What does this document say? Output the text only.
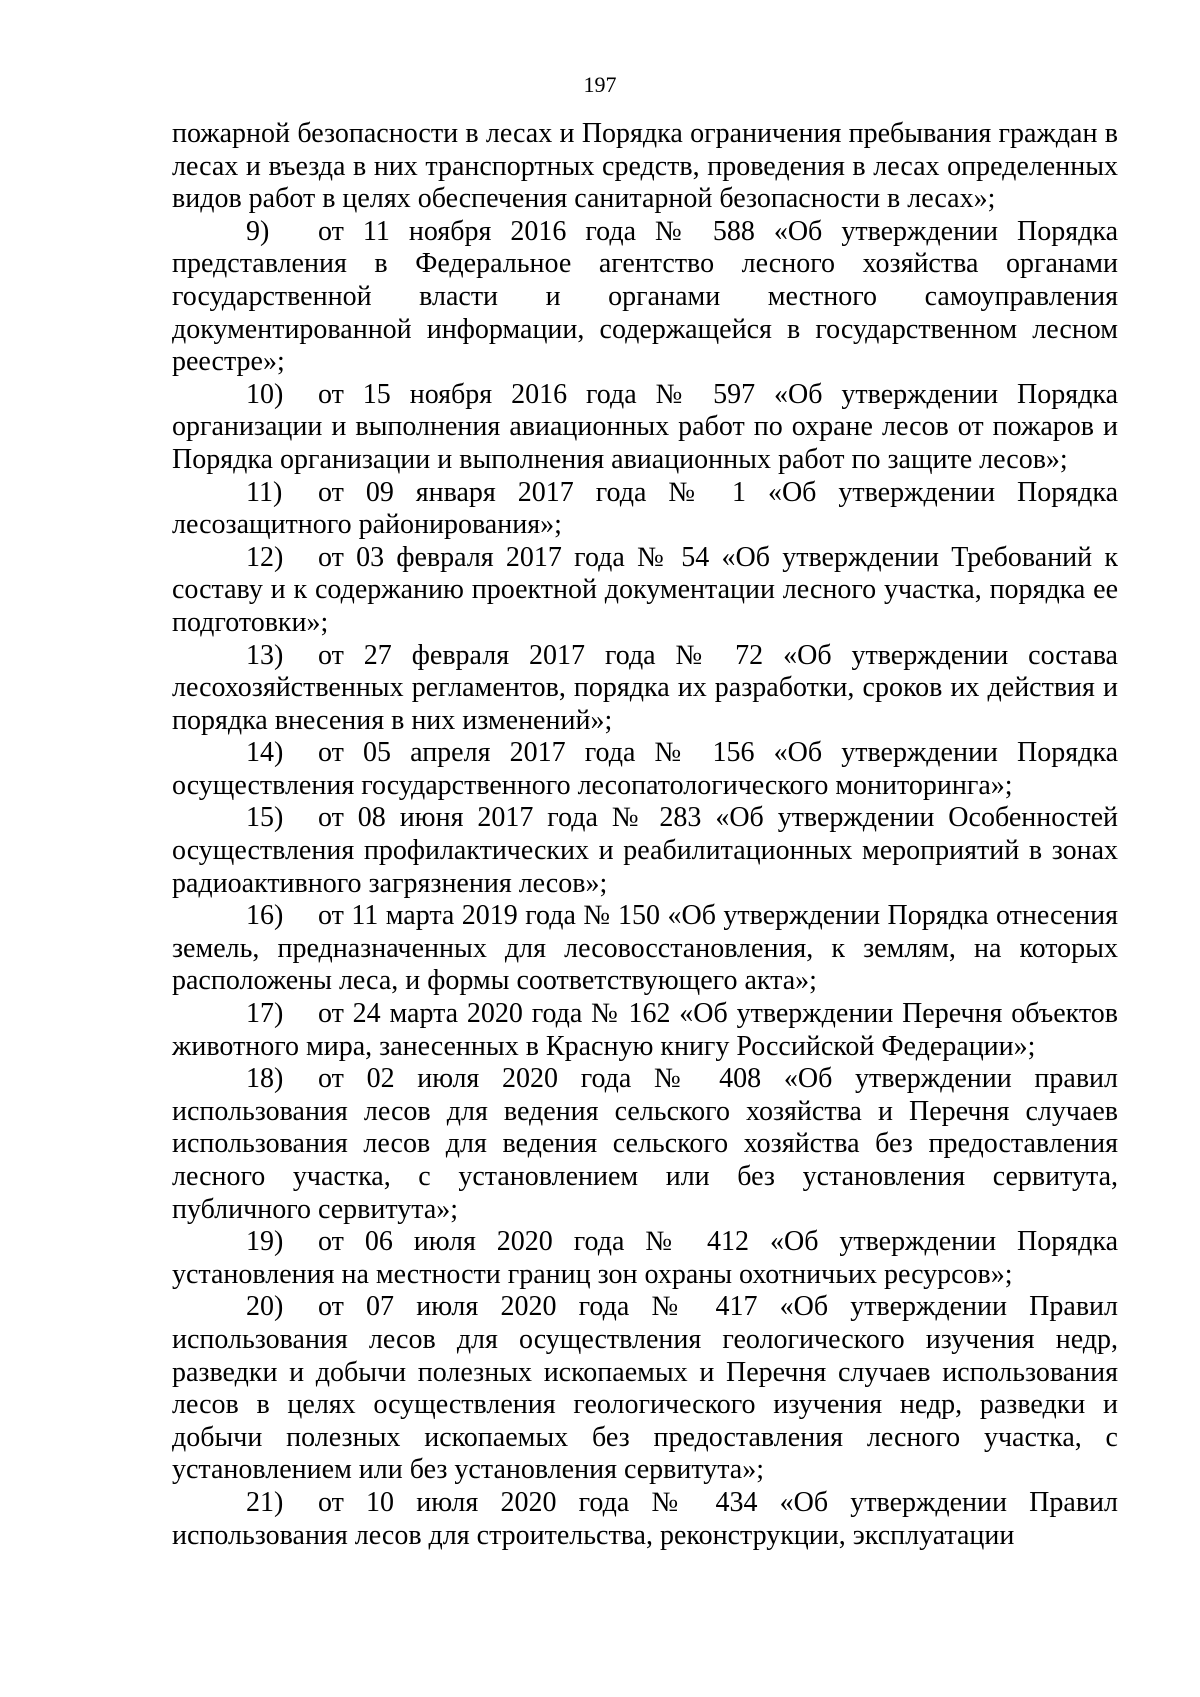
197

пожарной безопасности в лесах и Порядка ограничения пребывания граждан в лесах и въезда в них транспортных средств, проведения в лесах определенных видов работ в целях обеспечения санитарной безопасности в лесах»;

9) от 11 ноября 2016 года № 588 «Об утверждении Порядка представления в Федеральное агентство лесного хозяйства органами государственной власти и органами местного самоуправления документированной информации, содержащейся в государственном лесном реестре»;

10) от 15 ноября 2016 года № 597 «Об утверждении Порядка организации и выполнения авиационных работ по охране лесов от пожаров и Порядка организации и выполнения авиационных работ по защите лесов»;

11) от 09 января 2017 года № 1 «Об утверждении Порядка лесозащитного районирования»;

12) от 03 февраля 2017 года № 54 «Об утверждении Требований к составу и к содержанию проектной документации лесного участка, порядка ее подготовки»;

13) от 27 февраля 2017 года № 72 «Об утверждении состава лесохозяйственных регламентов, порядка их разработки, сроков их действия и порядка внесения в них изменений»;

14) от 05 апреля 2017 года № 156 «Об утверждении Порядка осуществления государственного лесопатологического мониторинга»;

15) от 08 июня 2017 года № 283 «Об утверждении Особенностей осуществления профилактических и реабилитационных мероприятий в зонах радиоактивного загрязнения лесов»;

16) от 11 марта 2019 года № 150 «Об утверждении Порядка отнесения земель, предназначенных для лесовосстановления, к землям, на которых расположены леса, и формы соответствующего акта»;

17) от 24 марта 2020 года № 162 «Об утверждении Перечня объектов животного мира, занесенных в Красную книгу Российской Федерации»;

18) от 02 июля 2020 года № 408 «Об утверждении правил использования лесов для ведения сельского хозяйства и Перечня случаев использования лесов для ведения сельского хозяйства без предоставления лесного участка, с установлением или без установления сервитута, публичного сервитута»;

19) от 06 июля 2020 года № 412 «Об утверждении Порядка установления на местности границ зон охраны охотничьих ресурсов»;

20) от 07 июля 2020 года № 417 «Об утверждении Правил использования лесов для осуществления геологического изучения недр, разведки и добычи полезных ископаемых и Перечня случаев использования лесов в целях осуществления геологического изучения недр, разведки и добычи полезных ископаемых без предоставления лесного участка, с установлением или без установления сервитута»;

21) от 10 июля 2020 года № 434 «Об утверждении Правил использования лесов для строительства, реконструкции, эксплуатации
